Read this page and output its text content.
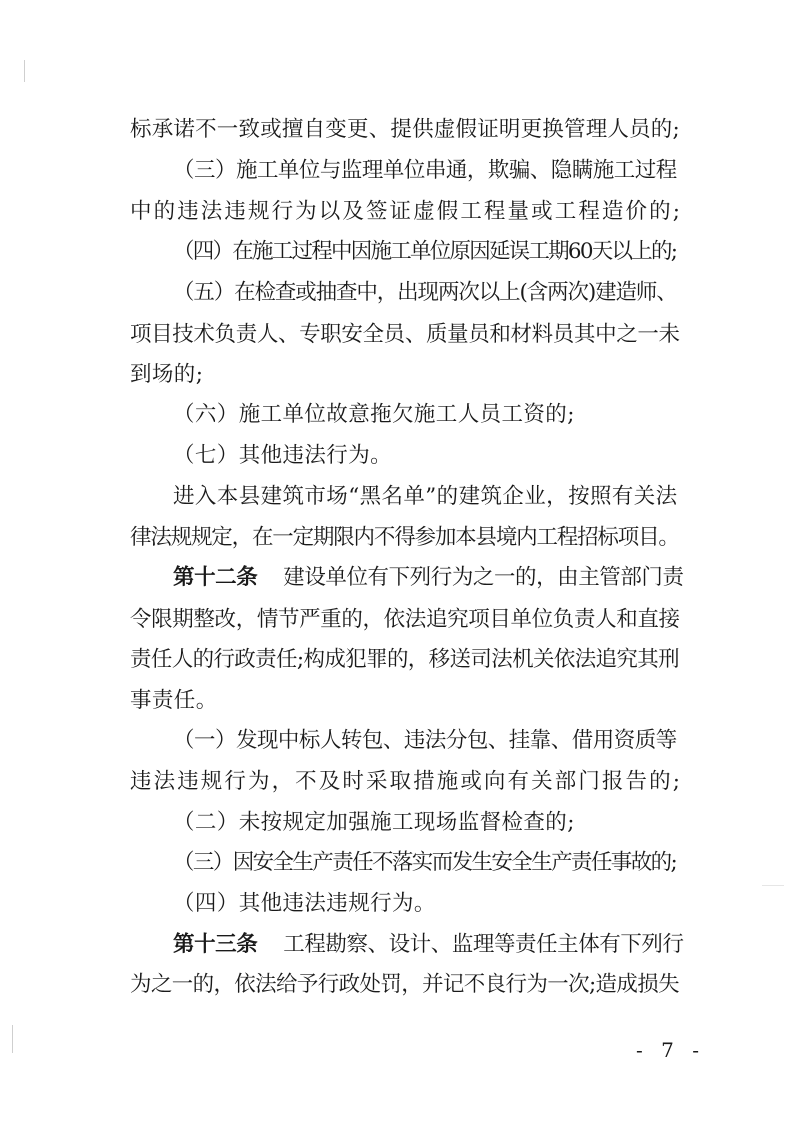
标承诺不一致或擅自变更、提供虚假证明更换管理人员的;
（三）施工单位与监理单位串通，欺骗、隐瞒施工过程
中的违法违规行为以及签证虚假工程量或工程造价的;
（四）在施工过程中因施工单位原因延误工期60天以上的;
（五）在检查或抽查中，出现两次以上(含两次)建造师、
项目技术负责人、专职安全员、质量员和材料员其中之一未
到场的;
（六）施工单位故意拖欠施工人员工资的;
（七）其他违法行为。
进入本县建筑市场“黑名单”的建筑企业，按照有关法
律法规规定，在一定期限内不得参加本县境内工程招标项目。
第十二条 建设单位有下列行为之一的，由主管部门责
令限期整改，情节严重的，依法追究项目单位负责人和直接
责任人的行政责任;构成犯罪的，移送司法机关依法追究其刑
事责任。
（一）发现中标人转包、违法分包、挂靠、借用资质等
违法违规行为，不及时采取措施或向有关部门报告的;
（二）未按规定加强施工现场监督检查的;
（三）因安全生产责任不落实而发生安全生产责任事故的;
（四）其他违法违规行为。
第十三条 工程勘察、设计、监理等责任主体有下列行
为之一的，依法给予行政处罚，并记不良行为一次;造成损失
- 7 -
